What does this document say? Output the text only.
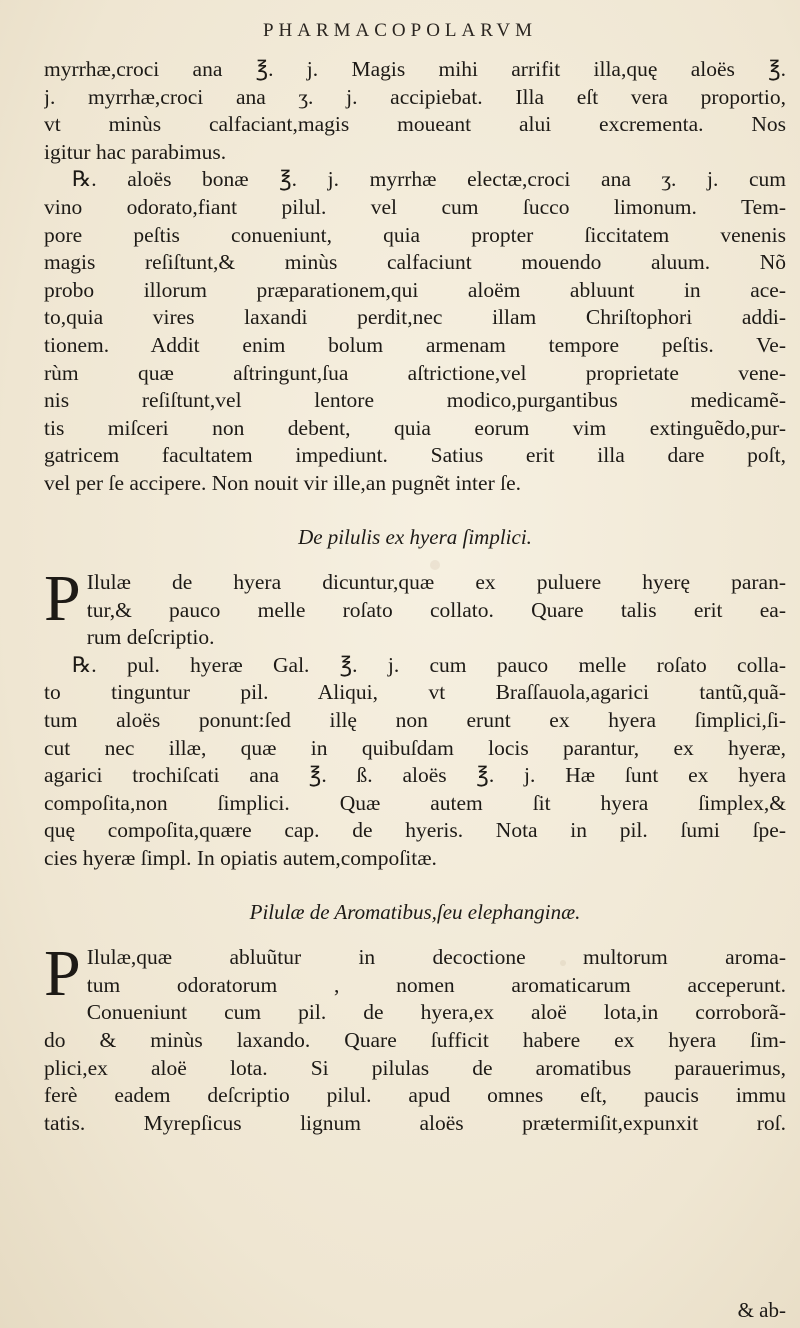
PHARMACOPOLARVM
myrrhæ,croci ana ℥. j. Magis mihi arrifit illa,quę aloës ℥.
j. myrrhæ,croci ana ʒ. j. accipiebat. Illa eſt vera proportio,
vt minùs calfaciant,magis moueant alui excrementa. Nos
igitur hac parabimus.
℞. aloës bonæ ℥. j. myrrhæ electæ,croci ana ʒ. j. cum
vino odorato,fiant pilul. vel cum ſucco limonum. Tem-
pore peſtis conueniunt, quia propter ſiccitatem venenis
magis reſiſtunt,& minùs calfaciunt mouendo aluum. Nõ
probo illorum præparationem,qui aloëm abluunt in ace-
to,quia vires laxandi perdit,nec illam Chriſtophori addi-
tionem. Addit enim bolum armenam tempore peſtis. Ve-
rùm quæ aſtringunt,ſua aſtrictione,vel proprietate vene-
nis reſiſtunt,vel lentore modico,purgantibus medicamẽ-
tis miſceri non debent, quia eorum vim extinguẽdo,pur-
gatricem facultatem impediunt. Satius erit illa dare poſt,
vel per ſe accipere. Non nouit vir ille,an pugnẽt inter ſe.
De pilulis ex hyera ſimplici.
P Ilulæ de hyera dicuntur,quæ ex puluere hyerę paran-
tur,& pauco melle roſato collato. Quare talis erit ea-
rum deſcriptio.
℞. pul. hyeræ Gal. ℥. j. cum pauco melle roſato colla-
to tinguntur pil. Aliqui, vt Braſſauola,agarici tantũ,quã-
tum aloës ponunt:ſed illę non erunt ex hyera ſimplici,ſi-
cut nec illæ, quæ in quibuſdam locis parantur, ex hyeræ,
agarici trochiſcati ana ℥. ß. aloës ℥. j. Hæ ſunt ex hyera
compoſita,non ſimplici. Quæ autem ſit hyera ſimplex,&
quę compoſita,quære cap. de hyeris. Nota in pil. ſumi ſpe-
cies hyeræ ſimpl. In opiatis autem,compoſitæ.
Pilulæ de Aromatibus,ſeu elephanginæ.
P Ilulæ,quæ abluũtur in decoctione multorum aroma-
tum odoratorum , nomen aromaticarum acceperunt.
Conueniunt cum pil. de hyera,ex aloë lota,in corroborã-
do & minùs laxando. Quare ſufficit habere ex hyera ſim-
plici,ex aloë lota. Si pilulas de aromatibus parauerimus,
ferè eadem deſcriptio pilul. apud omnes eſt, paucis immu
tatis. Myrepſicus lignum aloës prætermiſit,expunxit roſ.
& ab-
